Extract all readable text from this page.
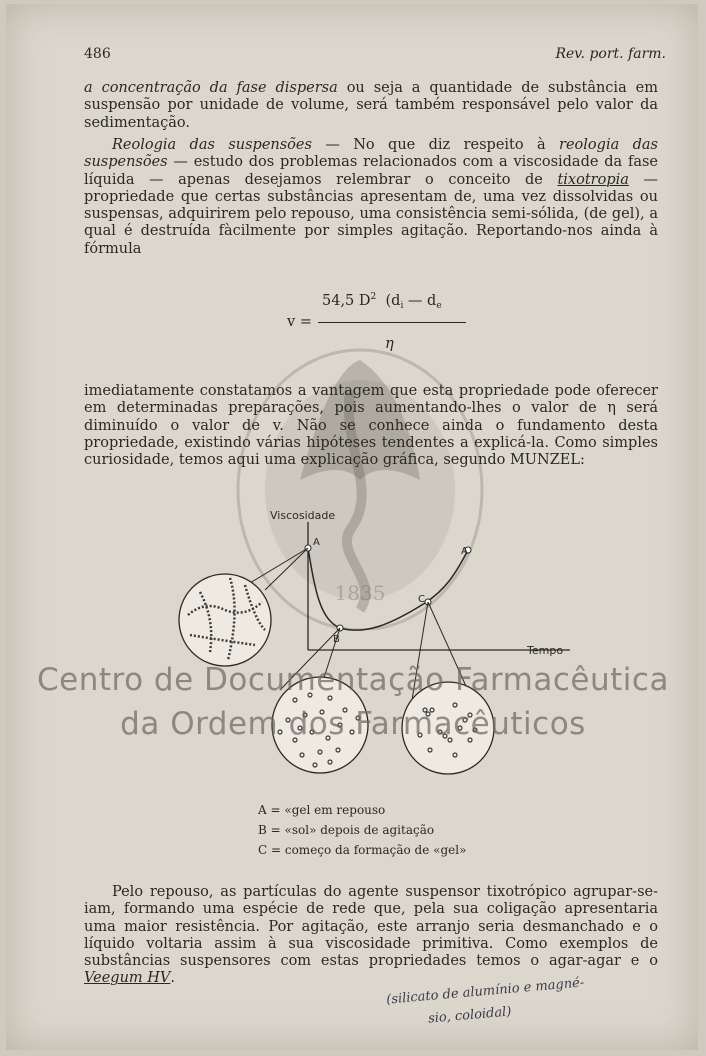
1835
486	Rev. port. farm.

a concentração da fase dispersa ou seja a quantidade de substância em suspensão por unidade de volume, será também responsável pelo valor da sedimentação.

Reologia das suspensões — No que diz respeito à reologia das suspensões — estudo dos problemas relacionados com a viscosidade da fase líquida — apenas desejamos relembrar o conceito de tixotropia — propriedade que certas substâncias apresentam de, uma vez dissolvidas ou suspensas, adquirirem pelo repouso, uma consistência semi-sólida, (de gel), a qual é destruída fàcilmente por simples agitação. Reportando-nos ainda à fórmula

v =
54,5 $D^2$ ($d_i$ — $d_e$
η

imediatamente constatamos a vantagem que esta propriedade pode oferecer em determinadas preparações, pois aumentando-lhes o valor de η será diminuído o valor de v. Não se conhece ainda o fundamento desta propriedade, existindo várias hipóteses tendentes a explicá-la. Como simples curiosidade, temos aqui uma explicação gráfica, segundo MUNZEL:

Viscosidade
Tempo
A
B
C
A
A = «gel em repouso
B = «sol» depois de agitação
C = começo da formação de «gel»
Centro de Documentação Farmacêutica
da Ordem dos Farmacêuticos

Pelo repouso, as partículas do agente suspensor tixotrópico agrupar-se-iam, formando uma espécie de rede que, pela sua coligação apresentaria uma maior resistência. Por agitação, este arranjo seria desmanchado e o líquido voltaria assim à sua viscosidade primitiva. Como exemplos de substâncias suspensores com estas propriedades temos o agar-agar e o Veegum HV.	(silicato de alumínio e magné-
sio, coloidal)
